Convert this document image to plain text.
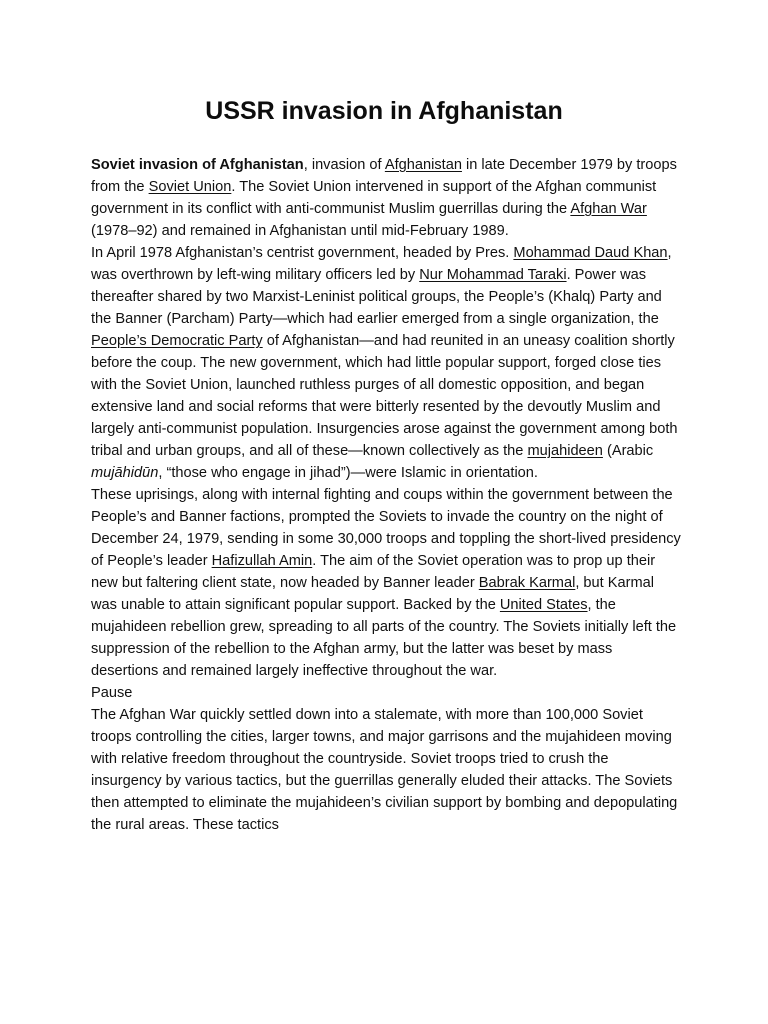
USSR invasion in Afghanistan

Soviet invasion of Afghanistan, invasion of Afghanistan in late December 1979 by troops from the Soviet Union. The Soviet Union intervened in support of the Afghan communist government in its conflict with anti-communist Muslim guerrillas during the Afghan War (1978–92) and remained in Afghanistan until mid-February 1989.

In April 1978 Afghanistan’s centrist government, headed by Pres. Mohammad Daud Khan, was overthrown by left-wing military officers led by Nur Mohammad Taraki. Power was thereafter shared by two Marxist-Leninist political groups, the People’s (Khalq) Party and the Banner (Parcham) Party—which had earlier emerged from a single organization, the People’s Democratic Party of Afghanistan—and had reunited in an uneasy coalition shortly before the coup. The new government, which had little popular support, forged close ties with the Soviet Union, launched ruthless purges of all domestic opposition, and began extensive land and social reforms that were bitterly resented by the devoutly Muslim and largely anti-communist population. Insurgencies arose against the government among both tribal and urban groups, and all of these—known collectively as the mujahideen (Arabic mujāhidūn, “those who engage in jihad”)—were Islamic in orientation.

These uprisings, along with internal fighting and coups within the government between the People’s and Banner factions, prompted the Soviets to invade the country on the night of December 24, 1979, sending in some 30,000 troops and toppling the short-lived presidency of People’s leader Hafizullah Amin. The aim of the Soviet operation was to prop up their new but faltering client state, now headed by Banner leader Babrak Karmal, but Karmal was unable to attain significant popular support. Backed by the United States, the mujahideen rebellion grew, spreading to all parts of the country. The Soviets initially left the suppression of the rebellion to the Afghan army, but the latter was beset by mass desertions and remained largely ineffective throughout the war.

Pause

The Afghan War quickly settled down into a stalemate, with more than 100,000 Soviet troops controlling the cities, larger towns, and major garrisons and the mujahideen moving with relative freedom throughout the countryside. Soviet troops tried to crush the insurgency by various tactics, but the guerrillas generally eluded their attacks. The Soviets then attempted to eliminate the mujahideen’s civilian support by bombing and depopulating the rural areas. These tactics
